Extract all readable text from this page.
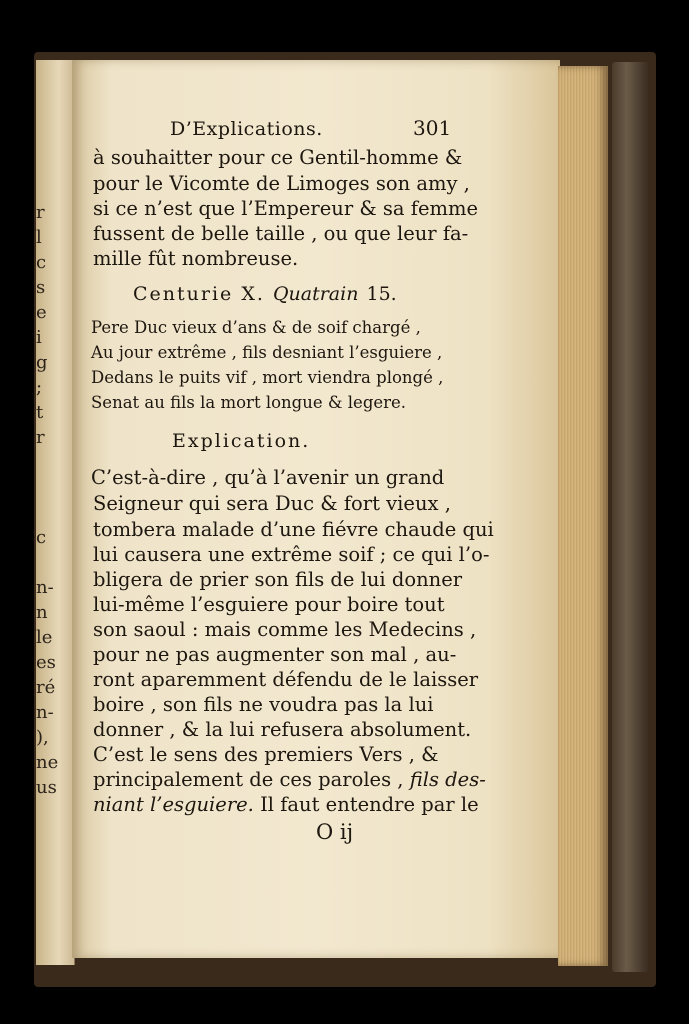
r
l
c
s
e
i
g
;
t
r

c
n-
n
le
es
ré
n-
),
ne
us
D’Explications.	301
à souhaitter pour ce Gentil-homme &
pour le Vicomte de Limoges son amy ,
si ce n’est que l’Empereur & sa femme
fussent de belle taille , ou que leur fa-
mille fût nombreuse.
Centurie X. Quatrain 15.
Pere Duc vieux d’ans & de soif chargé ,
Au jour extrême , fils desniant l’esguiere ,
Dedans le puits vif , mort viendra plongé ,
Senat au fils la mort longue & legere.
Explication.
C’est-à-dire , qu’à l’avenir un grand
Seigneur qui sera Duc & fort vieux ,
tombera malade d’une fiévre chaude qui
lui causera une extrême soif ; ce qui l’o-
bligera de prier son fils de lui donner
lui-même l’esguiere pour boire tout
son saoul : mais comme les Medecins ,
pour ne pas augmenter son mal , au-
ront aparemment défendu de le laisser
boire , son fils ne voudra pas la lui
donner , & la lui refusera absolument.
C’est le sens des premiers Vers , &
principalement de ces paroles , fils des-
niant l’esguiere. Il faut entendre par le
O ij
